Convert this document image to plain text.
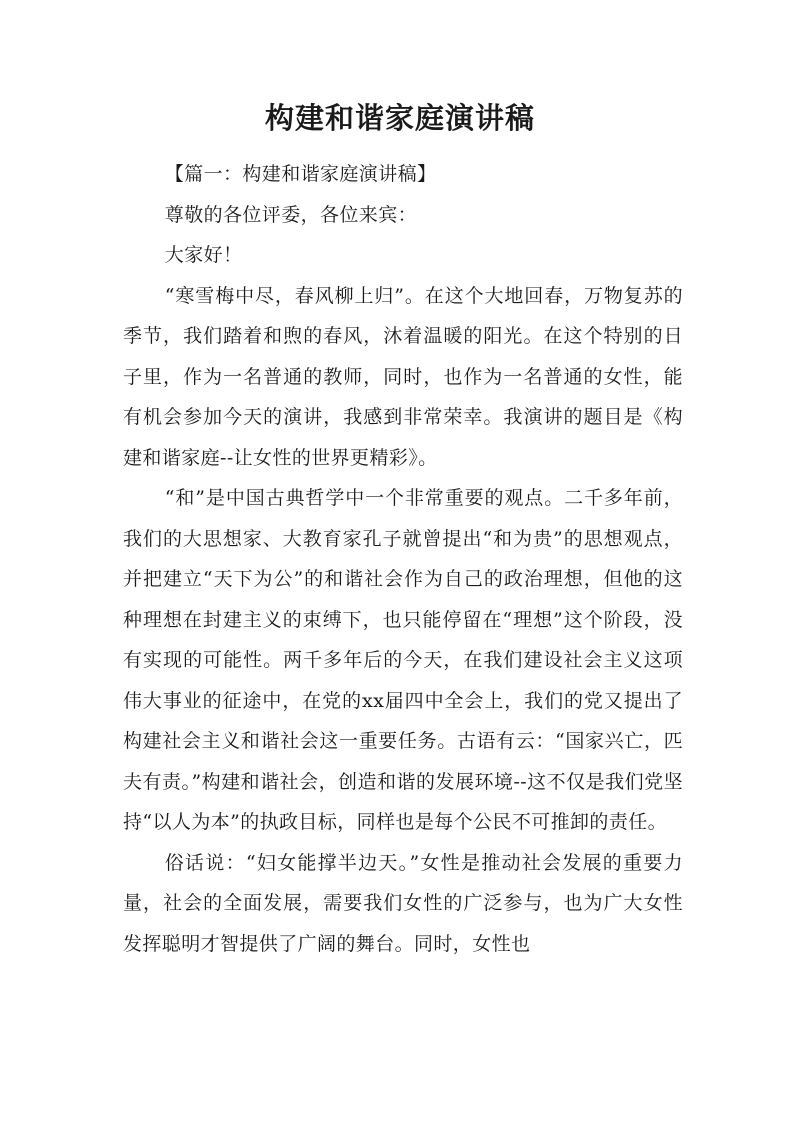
构建和谐家庭演讲稿

【篇一：构建和谐家庭演讲稿】

尊敬的各位评委，各位来宾：

大家好！

“寒雪梅中尽，春风柳上归”。在这个大地回春，万物复苏的季节，我们踏着和煦的春风，沐着温暖的阳光。在这个特别的日子里，作为一名普通的教师，同时，也作为一名普通的女性，能有机会参加今天的演讲，我感到非常荣幸。我演讲的题目是《构建和谐家庭--让女性的世界更精彩》。

“和”是中国古典哲学中一个非常重要的观点。二千多年前，我们的大思想家、大教育家孔子就曾提出“和为贵”的思想观点，并把建立“天下为公”的和谐社会作为自己的政治理想，但他的这种理想在封建主义的束缚下，也只能停留在“理想”这个阶段，没有实现的可能性。两千多年后的今天，在我们建设社会主义这项伟大事业的征途中，在党的xx届四中全会上，我们的党又提出了构建社会主义和谐社会这一重要任务。古语有云：“国家兴亡，匹夫有责。”构建和谐社会，创造和谐的发展环境--这不仅是我们党坚持“以人为本”的执政目标，同样也是每个公民不可推卸的责任。

俗话说：“妇女能撑半边天。”女性是推动社会发展的重要力量，社会的全面发展，需要我们女性的广泛参与，也为广大女性发挥聪明才智提供了广阔的舞台。同时，女性也
